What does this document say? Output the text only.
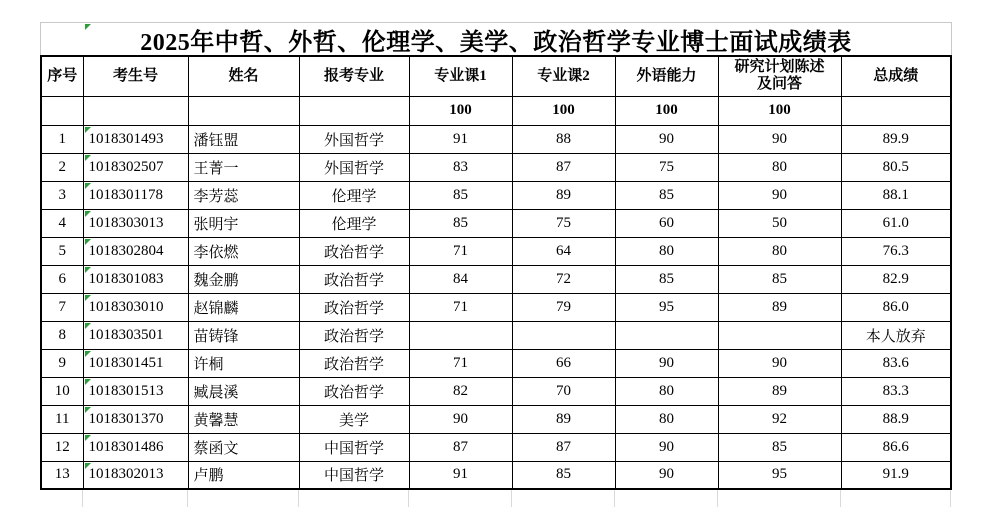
2025年中哲、外哲、伦理学、美学、政治哲学专业博士面试成绩表
序号	考生号	姓名	报考专业	专业课1	专业课2	外语能力	研究计划陈述及问答	总成绩
				100	100	100	100	
1	1018301493	潘钰盟	外国哲学	91	88	90	90	89.9
2	1018302507	王菁一	外国哲学	83	87	75	80	80.5
3	1018301178	李芳蕊	伦理学	85	89	85	90	88.1
4	1018303013	张明宇	伦理学	85	75	60	50	61.0
5	1018302804	李依燃	政治哲学	71	64	80	80	76.3
6	1018301083	魏金鹏	政治哲学	84	72	85	85	82.9
7	1018303010	赵锦麟	政治哲学	71	79	95	89	86.0
8	1018303501	苗铸锋	政治哲学					本人放弃
9	1018301451	许桐	政治哲学	71	66	90	90	83.6
10	1018301513	臧晨溪	政治哲学	82	70	80	89	83.3
11	1018301370	黄馨慧	美学	90	89	80	92	88.9
12	1018301486	蔡函文	中国哲学	87	87	90	85	86.6
13	1018302013	卢鹏	中国哲学	91	85	90	95	91.9
